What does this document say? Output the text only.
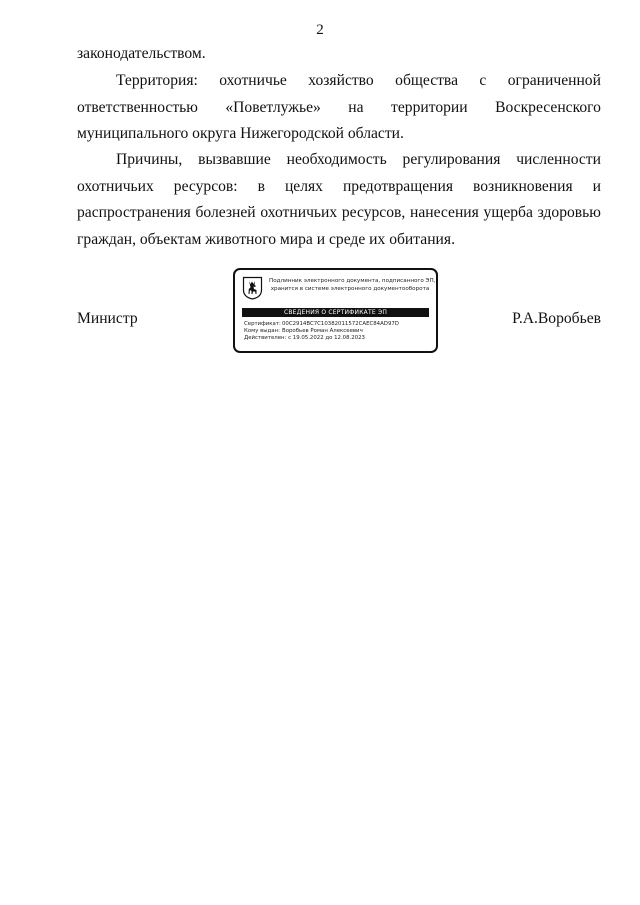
2
законодательством.
Территория: охотничье хозяйство общества с ограниченной
ответственностью «Поветлужье» на территории Воскресенского
муниципального округа Нижегородской области.
Причины, вызвавшие необходимость регулирования численности
охотничьих ресурсов: в целях предотвращения возникновения и
распространения болезней охотничьих ресурсов, нанесения ущерба здоровью
граждан, объектам животного мира и среде их обитания.
Министр	Р.А.Воробьев
Подлинник электронного документа, подписанного ЭП,
хранится в системе электронного документооборота
СВЕДЕНИЯ О СЕРТИФИКАТЕ ЭП
Сертификат:00C2914BC7C10382011572CAEC84AD97D
Кому выдан: Воробьев Роман Алексеевич
Действителен: с 19.05.2022 до 12.08.2023
